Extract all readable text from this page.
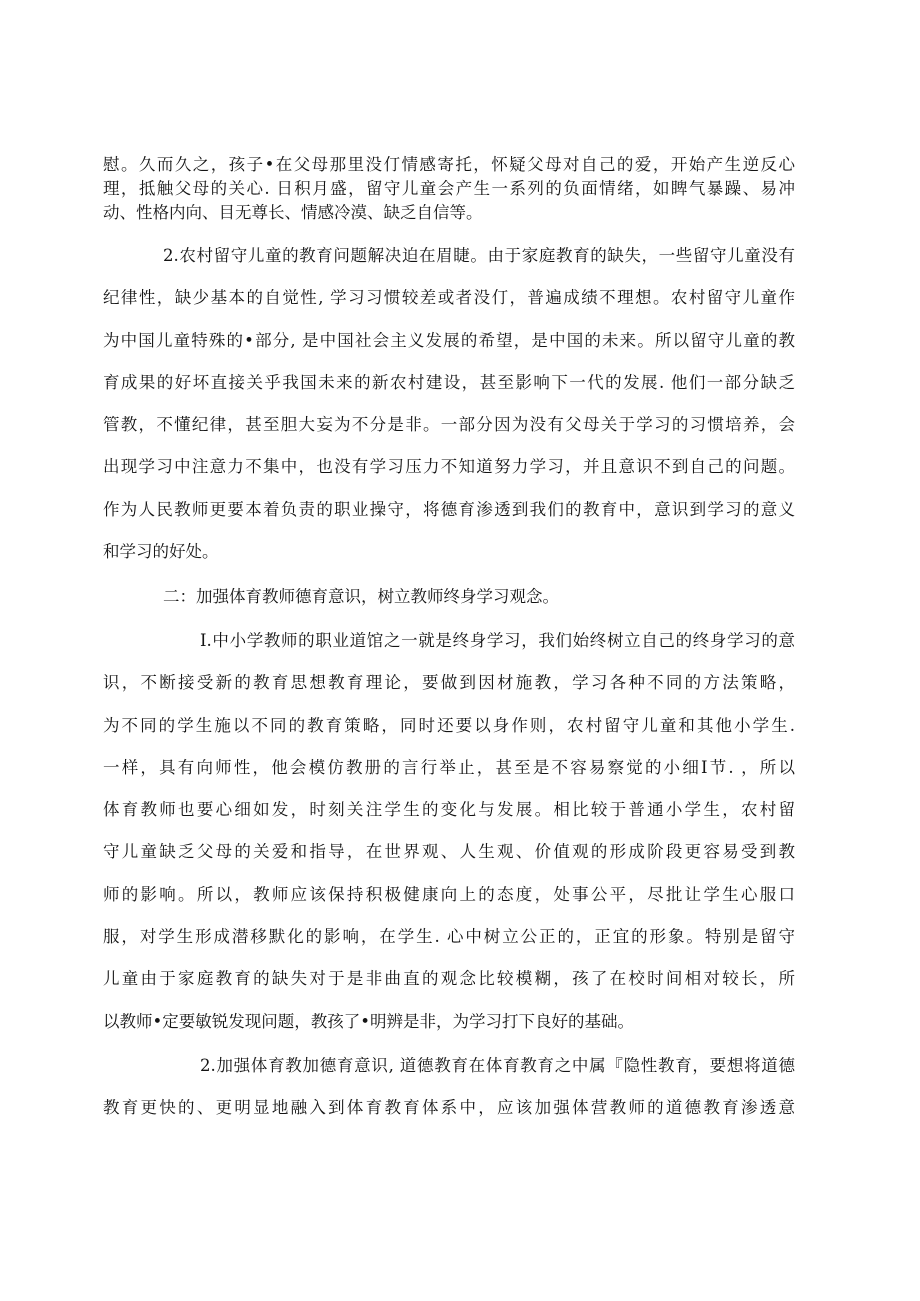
慰。久而久之，孩子•在父母那里没仃情感寄托，怀疑父母对自己的爱，开始产生逆反心
理，抵触父母的关心. 日积月盛，留守儿童会产生一系列的负面情绪，如睥气暴躁、易冲
动、性格内向、目无尊长、情感冷漠、缺乏自信等。
2.农村留守儿童的教育问题解决迫在眉睫。由于家庭教育的缺失，一些留守儿童没有
纪律性，缺少基本的自觉性, 学习习惯较差或者没仃，普遍成绩不理想。农村留守儿童作
为中国儿童特殊的•部分, 是中国社会主义发展的希望，是中国的未来。所以留守儿童的教
育成果的好坏直接关乎我国未来的新农村建设，甚至影响下一代的发展. 他们一部分缺乏
管教，不懂纪律，甚至胆大妄为不分是非。一部分因为没有父母关于学习的习惯培养，会
出现学习中注意力不集中，也没有学习压力不知道努力学习，并且意识不到自己的问题。
作为人民教师更要本着负责的职业操守，将德育渗透到我们的教育中，意识到学习的意义
和学习的好处。
二：加强体育教师德育意识，树立教师终身学习观念。
I.中小学教师的职业道馆之一就是终身学习，我们始终树立自己的终身学习的意
识，不断接受新的教育思想教育理论，要做到因材施教，学习各种不同的方法策略，
为不同的学生施以不同的教育策略，同时还要以身作则，农村留守儿童和其他小学生.
一样，具有向师性，他会模仿教册的言行举止，甚至是不容易察觉的小细I节. ，所以
体育教师也要心细如发，时刻关注学生的变化与发展。相比较于普通小学生，农村留
守儿童缺乏父母的关爱和指导，在世界观、人生观、价值观的形成阶段更容易受到教
师的影响。所以，教师应该保持积极健康向上的态度，处事公平，尽批让学生心服口
服，对学生形成潜移默化的影响，在学生. 心中树立公正的，正宜的形象。特别是留守
儿童由于家庭教育的缺失对于是非曲直的观念比较模糊，孩了在校时间相对较长，所
以教师•定要敏锐发现问题，教孩了•明辨是非，为学习打下良好的基础。
2.加强体育教加德育意识, 道德教育在体育教育之中属『隐性教育，要想将道德
教育更快的、更明显地融入到体育教育体系中，应该加强体营教师的道德教育渗透意
